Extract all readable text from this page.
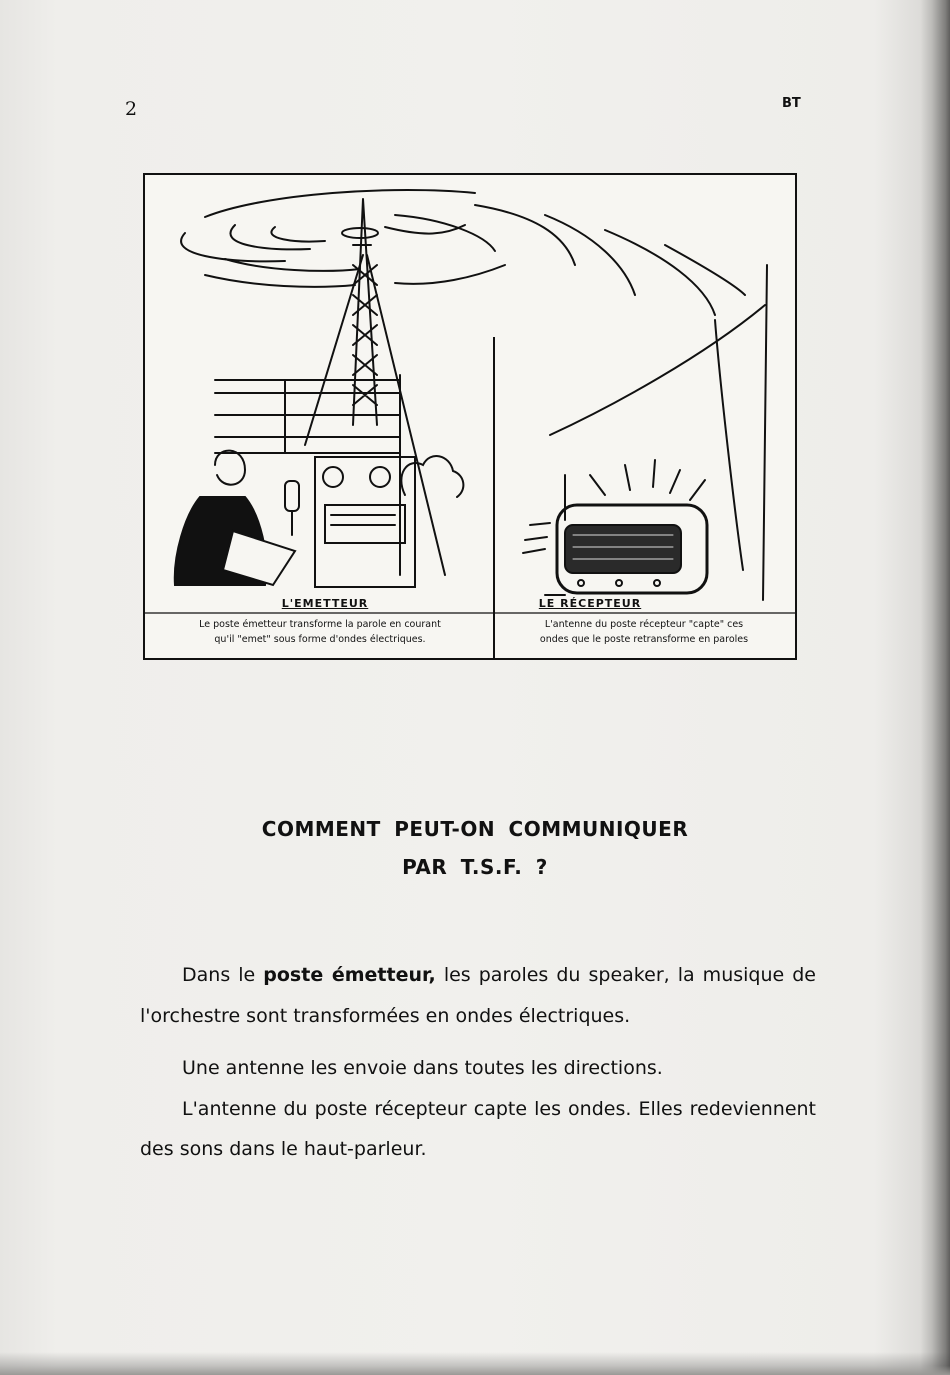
2	BT
L'EMETTEUR
Le poste émetteur transforme la parole en courant
qu'il "emet" sous forme d'ondes électriques.
LE RÉCEPTEUR
L'antenne du poste récepteur "capte" ces
ondes que le poste retransforme en paroles
COMMENT PEUT-ON COMMUNIQUER
PAR T.S.F. ?

Dans le poste émetteur, les paroles du speaker, la musique de l'orchestre sont transformées en ondes électriques.

Une antenne les envoie dans toutes les directions.

L'antenne du poste récepteur capte les ondes. Elles redeviennent des sons dans le haut-parleur.
